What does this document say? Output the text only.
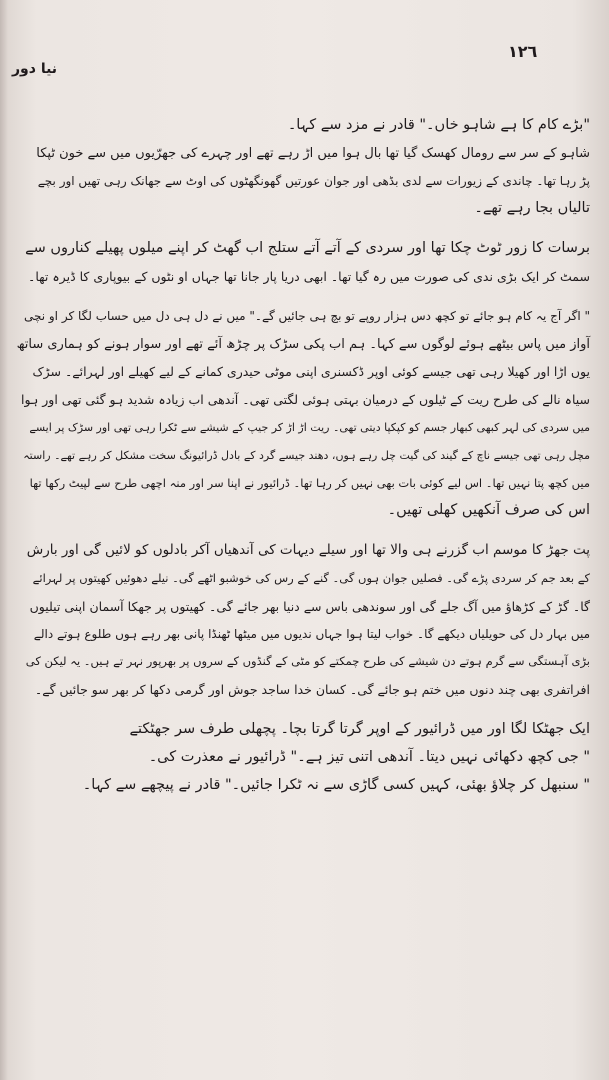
١٢٦
نیا دور

"بڑے کام کا ہے شاہو خاں۔" قادر نے مزد سے کہا۔
شاہو کے سر سے رومال کھسک گیا تھا بال ہوا میں اڑ رہے تھے اور چہرے کی جھرّیوں میں سے خون ٹپکا
پڑ رہا تھا۔ چاندی کے زیورات سے لدی بڈھی اور جوان عورتیں گھونگھٹوں کی اوٹ سے جھانک رہی تھیں اور بچے
تالیاں بجا رہے تھے۔

برسات کا زور ٹوٹ چکا تھا اور سردی کے آتے آتے ستلج اب گھٹ کر اپنے میلوں پھیلے کناروں سے
سمٹ کر ایک بڑی ندی کی صورت میں رہ گیا تھا۔ ابھی دریا پار جانا تھا جہاں او نٹوں کے بیوپاری کا ڈیرہ تھا۔

" اگر آج یہ کام ہو جائے تو کچھ دس ہزار روپے تو بچ ہی جائیں گے۔" میں نے دل ہی دل میں حساب لگا کر او نچی
آواز میں پاس بیٹھے ہوئے لوگوں سے کہا۔ ہم اب پکی سڑک پر چڑھ آئے تھے اور سوار ہونے کو ہماری ساتھ
یوں اڑا اور کھیلا رہی تھی جیسے کوئی اوپر ڈکسنری اپنی موٹی حیدری کمانے کے لیے کھیلے اور لہرائے۔ سڑک
سیاہ نالے کی طرح ریت کے ٹیلوں کے درمیان بہتی ہوئی لگتی تھی۔ آندھی اب زیادہ شدید ہو گئی تھی اور ہوا
میں سردی کی لہر کبھی کبھار جسم کو کپکپا دیتی تھی۔ ریت اڑ اڑ کر جیپ کے شیشے سے ٹکرا رہی تھی اور سڑک پر ایسے
مچل رہی تھی جیسے ناچ کے گیند کی گیت چل رہے ہوں، دھند جیسے گرد کے بادل ڈرائیونگ سخت مشکل کر رہے تھے۔ راستہ
میں کچھ پتا نہیں تھا۔ اس لیے کوئی بات بھی نہیں کر رہا تھا۔ ڈرائیور نے اپنا سر اور منہ اچھی طرح سے لپیٹ رکھا تھا
اس کی صرف آنکھیں کھلی تھیں۔

پت جھڑ کا موسم اب گزرنے ہی والا تھا اور سیلے دیہات کی آندھیاں آکر بادلوں کو لائیں گی اور بارش
کے بعد جم کر سردی پڑے گی۔ فصلیں جوان ہوں گی۔ گنے کے رس کی خوشبو اٹھے گی۔ نیلے دھوئیں کھیتوں پر لہرائے
گا۔ گڑ کے کڑھاؤ میں آگ جلے گی اور سوندھی باس سے دنیا بھر جائے گی۔ کھیتوں پر جھکا آسمان اپنی تیلیوں
میں بہار دل کی حویلیاں دیکھے گا۔ خواب لیتا ہوا جہاں ندیوں میں میٹھا ٹھنڈا پانی بھر رہے ہوں طلوع ہوتے دالے
بڑی آہستگی سے گرم ہوتے دن شیشے کی طرح چمکتے کو مٹی کے گنڈوں کے سروں پر بھرپور نہر تے ہیں۔ یہ لیکن کی
افراتفری بھی چند دنوں میں ختم ہو جائے گی۔ کسان خدا ساجد جوش اور گرمی دکھا کر بھر سو جائیں گے۔

ایک جھٹکا لگا اور میں ڈرائیور کے اوپر گرتا گرتا بچا۔ پچھلی طرف سر جھٹکتے
" جی کچھ دکھائی نہیں دیتا۔ آندھی اتنی تیز ہے۔" ڈرائیور نے معذرت کی۔
" سنبھل کر چلاؤ بھئی، کہیں کسی گاڑی سے نہ ٹکرا جائیں۔" قادر نے پیچھے سے کہا۔
